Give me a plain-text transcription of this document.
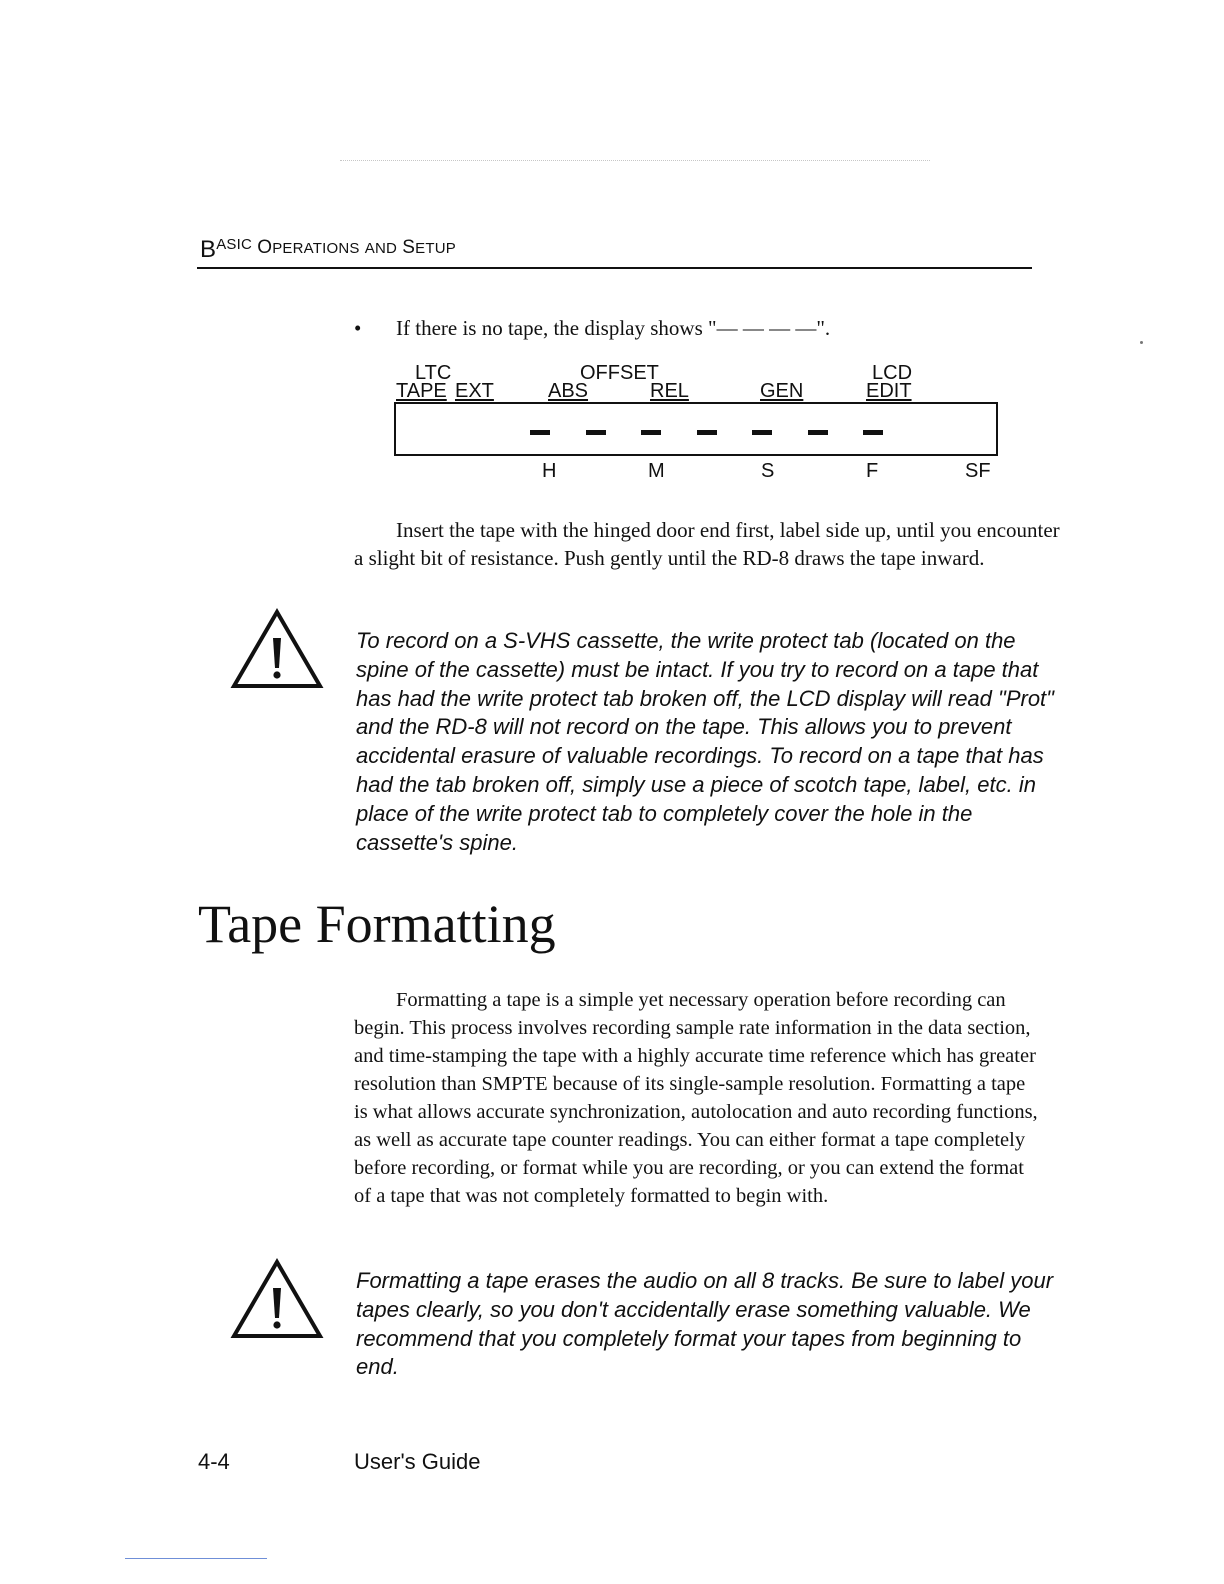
$B^{ASIC}$ OPERATIONS AND SETUP
• If there is no tape, the display shows "— — — —".
LTC	OFFSET	LCD
TAPE EXT	ABS	REL	GEN	EDIT
H	M	S	F	SF

Insert the tape with the hinged door end first, label side up, until you encounter a slight bit of resistance. Push gently until the RD-8 draws the tape inward.

To record on a S-VHS cassette, the write protect tab (located on the spine of the cassette) must be intact. If you try to record on a tape that has had the write protect tab broken off, the LCD display will read "Prot" and the RD-8 will not record on the tape. This allows you to prevent accidental erasure of valuable recordings. To record on a tape that has had the tab broken off, simply use a piece of scotch tape, label, etc. in place of the write protect tab to completely cover the hole in the cassette's spine.

Tape Formatting

Formatting a tape is a simple yet necessary operation before recording can begin. This process involves recording sample rate information in the data section, and time-stamping the tape with a highly accurate time reference which has greater resolution than SMPTE because of its single-sample resolution. Formatting a tape is what allows accurate synchronization, autolocation and auto recording functions, as well as accurate tape counter readings. You can either format a tape completely before recording, or format while you are recording, or you can extend the format of a tape that was not completely formatted to begin with.

Formatting a tape erases the audio on all 8 tracks. Be sure to label your tapes clearly, so you don't accidentally erase something valuable. We recommend that you completely format your tapes from beginning to end.

4-4	User's Guide
